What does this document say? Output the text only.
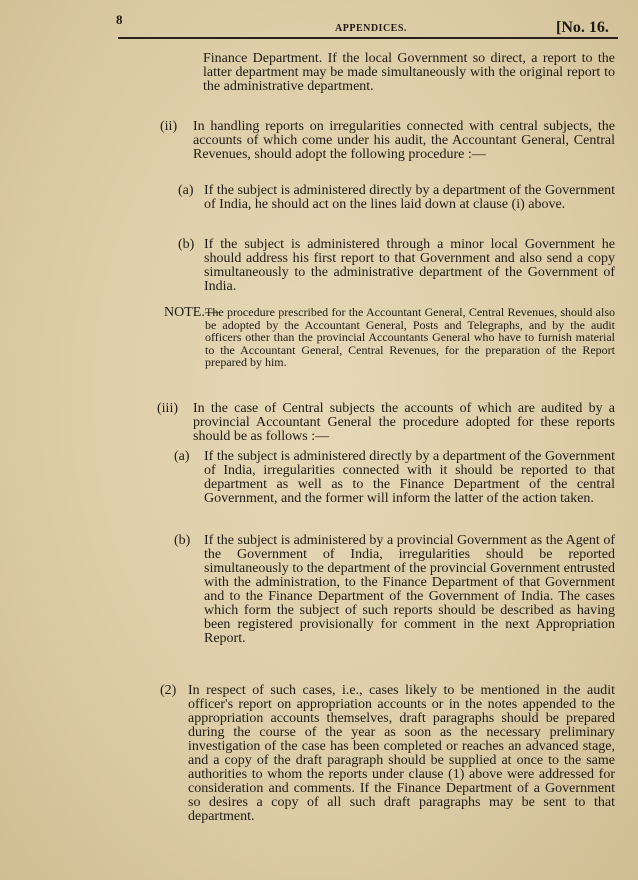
8
APPENDICES.	[No. 16.

Finance Department. If the local Government so direct, a report to the latter department may be made simultaneously with the original report to the administrative department.

(ii) In handling reports on irregularities connected with central subjects, the accounts of which come under his audit, the Accountant General, Central Revenues, should adopt the following procedure :—

(a) If the subject is administered directly by a department of the Government of India, he should act on the lines laid down at clause (i) above.

(b) If the subject is administered through a minor local Government he should address his first report to that Government and also send a copy simultaneously to the administrative department of the Government of India.

NOTE.—

The procedure prescribed for the Accountant General, Central Revenues, should also be adopted by the Accountant General, Posts and Telegraphs, and by the audit officers other than the provincial Accountants General who have to furnish material to the Accountant General, Central Revenues, for the preparation of the Report prepared by him.

(iii) In the case of Central subjects the accounts of which are audited by a provincial Accountant General the procedure adopted for these reports should be as follows :—

(a) If the subject is administered directly by a department of the Government of India, irregularities connected with it should be reported to that department as well as to the Finance Department of the central Government, and the former will inform the latter of the action taken.

(b) If the subject is administered by a provincial Government as the Agent of the Government of India, irregularities should be reported simultaneously to the department of the provincial Government entrusted with the administration, to the Finance Department of that Government and to the Finance Department of the Government of India. The cases which form the subject of such reports should be described as having been registered provisionally for comment in the next Appropriation Report.

(2) In respect of such cases, i.e., cases likely to be mentioned in the audit officer's report on appropriation accounts or in the notes appended to the appropriation accounts themselves, draft paragraphs should be prepared during the course of the year as soon as the necessary preliminary investigation of the case has been completed or reaches an advanced stage, and a copy of the draft paragraph should be supplied at once to the same authorities to whom the reports under clause (1) above were addressed for consideration and comments. If the Finance Department of a Government so desires a copy of all such draft paragraphs may be sent to that department.
